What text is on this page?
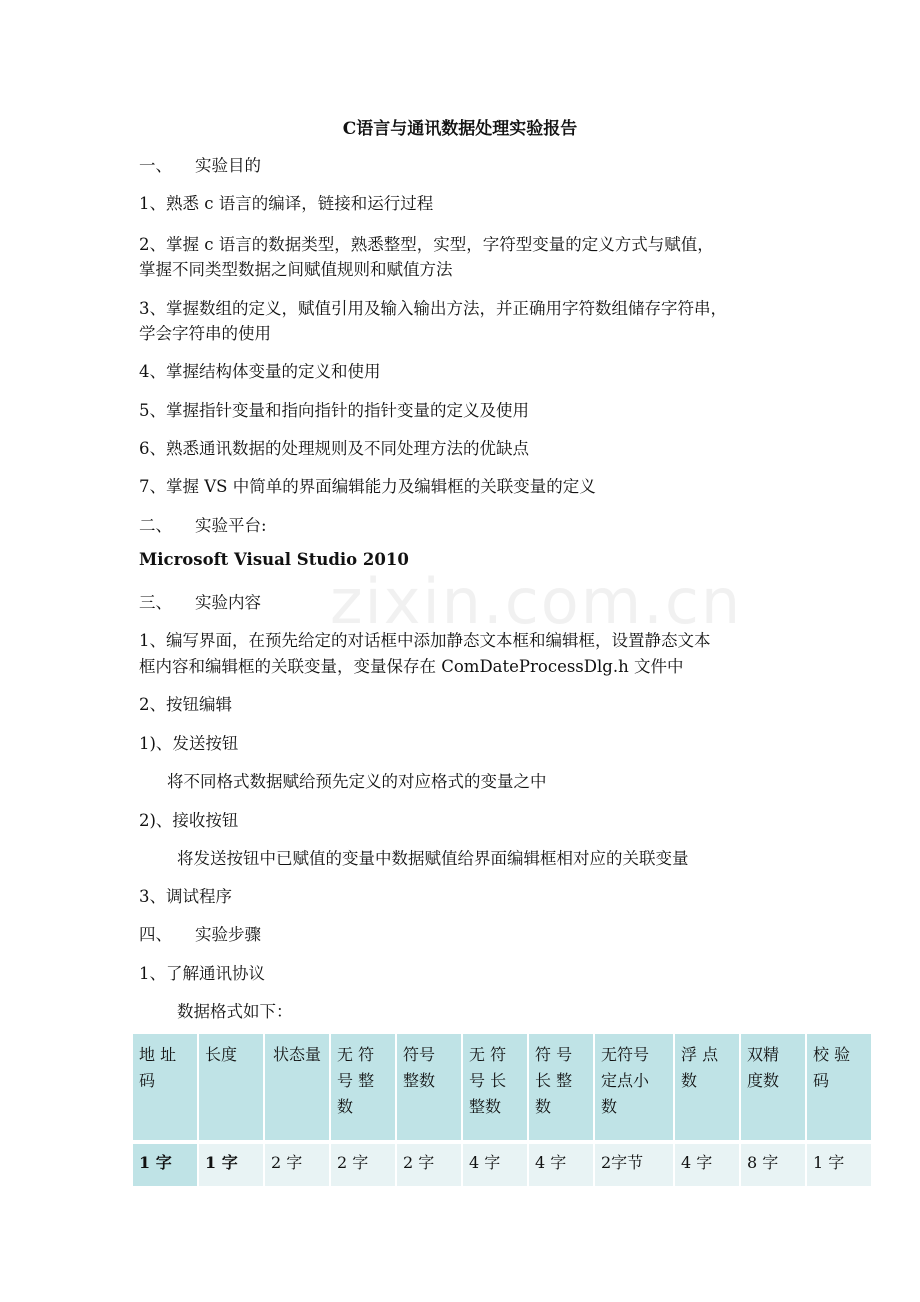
zixin.com.cn
C语言与通讯数据处理实验报告
一、 实验目的
1、熟悉 c 语言的编译，链接和运行过程
2、掌握 c 语言的数据类型，熟悉整型，实型，字符型变量的定义方式与赋值，
掌握不同类型数据之间赋值规则和赋值方法
3、掌握数组的定义，赋值引用及输入输出方法，并正确用字符数组储存字符串，
学会字符串的使用
4、掌握结构体变量的定义和使用
5、掌握指针变量和指向指针的指针变量的定义及使用
6、熟悉通讯数据的处理规则及不同处理方法的优缺点
7、掌握 VS 中简单的界面编辑能力及编辑框的关联变量的定义
二、 实验平台:
Microsoft Visual Studio 2010
三、 实验内容
1、编写界面，在预先给定的对话框中添加静态文本框和编辑框，设置静态文本
框内容和编辑框的关联变量，变量保存在 ComDateProcessDlg.h 文件中
2、按钮编辑
1)、发送按钮
将不同格式数据赋给预先定义的对应格式的变量之中
2)、接收按钮
将发送按钮中已赋值的变量中数据赋值给界面编辑框相对应的关联变量
3、调试程序
四、 实验步骤
1、了解通讯协议
数据格式如下：
地 址 码	长度	状态量	无 符 号 整 数	符号 整数	无 符 号 长 整数	符 号 长 整 数	无符号 定点小 数	浮 点 数	双精 度数	校 验 码

1 字	1 字	2 字	2 字	2 字	4 字	4 字	2字节	4 字	8 字	1 字
